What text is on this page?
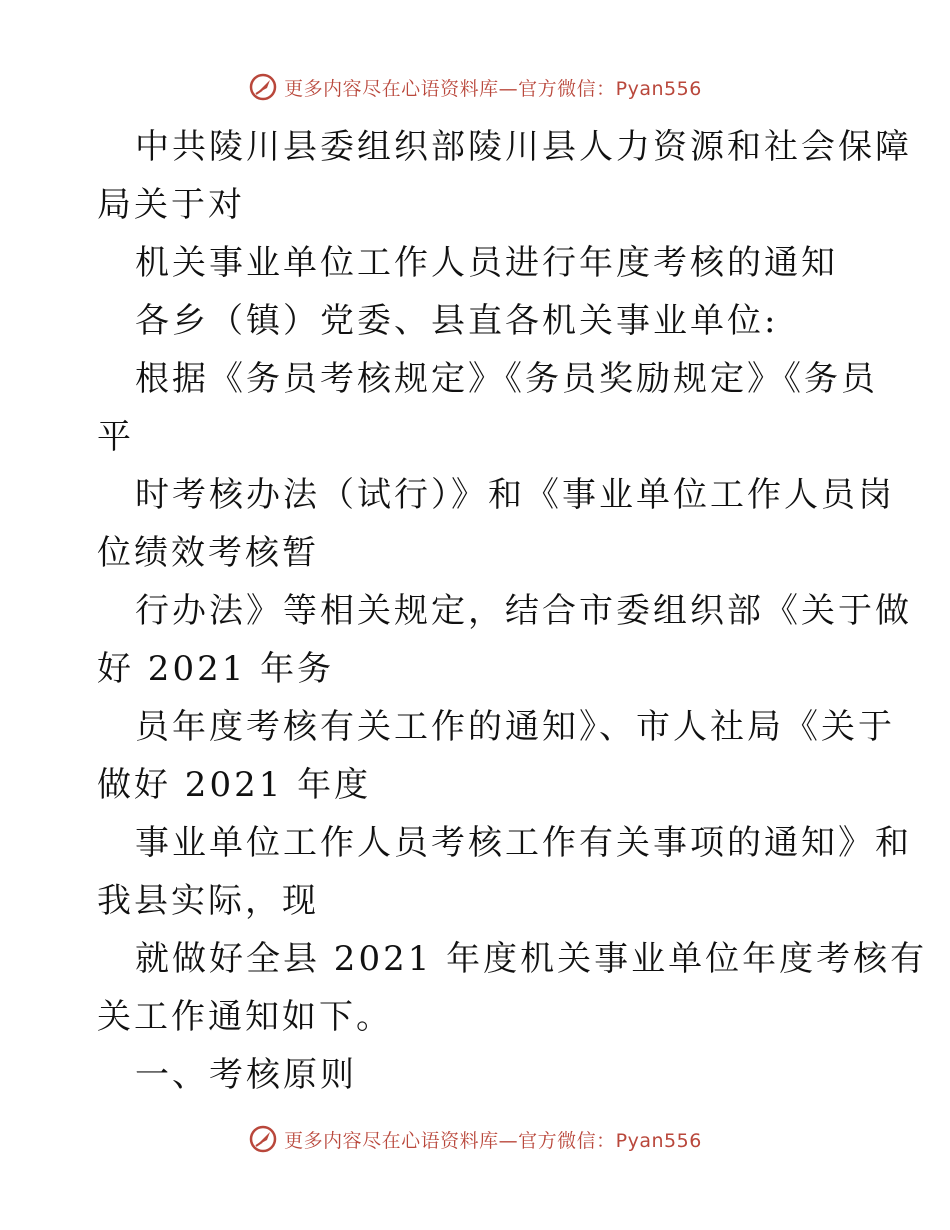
更多内容尽在心语资料库—官方微信：Pyan556
中共陵川县委组织部陵川县人力资源和社会保障
局关于对
机关事业单位工作人员进行年度考核的通知
各乡（镇）党委、县直各机关事业单位:
根据《务员考核规定》《务员奖励规定》《务员
平
时考核办法（试行）》和《事业单位工作人员岗
位绩效考核暂
行办法》等相关规定，结合市委组织部《关于做
好 2021 年务
员年度考核有关工作的通知》、市人社局《关于
做好 2021 年度
事业单位工作人员考核工作有关事项的通知》和
我县实际，现
就做好全县 2021 年度机关事业单位年度考核有
关工作通知如下。
一、考核原则
更多内容尽在心语资料库—官方微信：Pyan556
